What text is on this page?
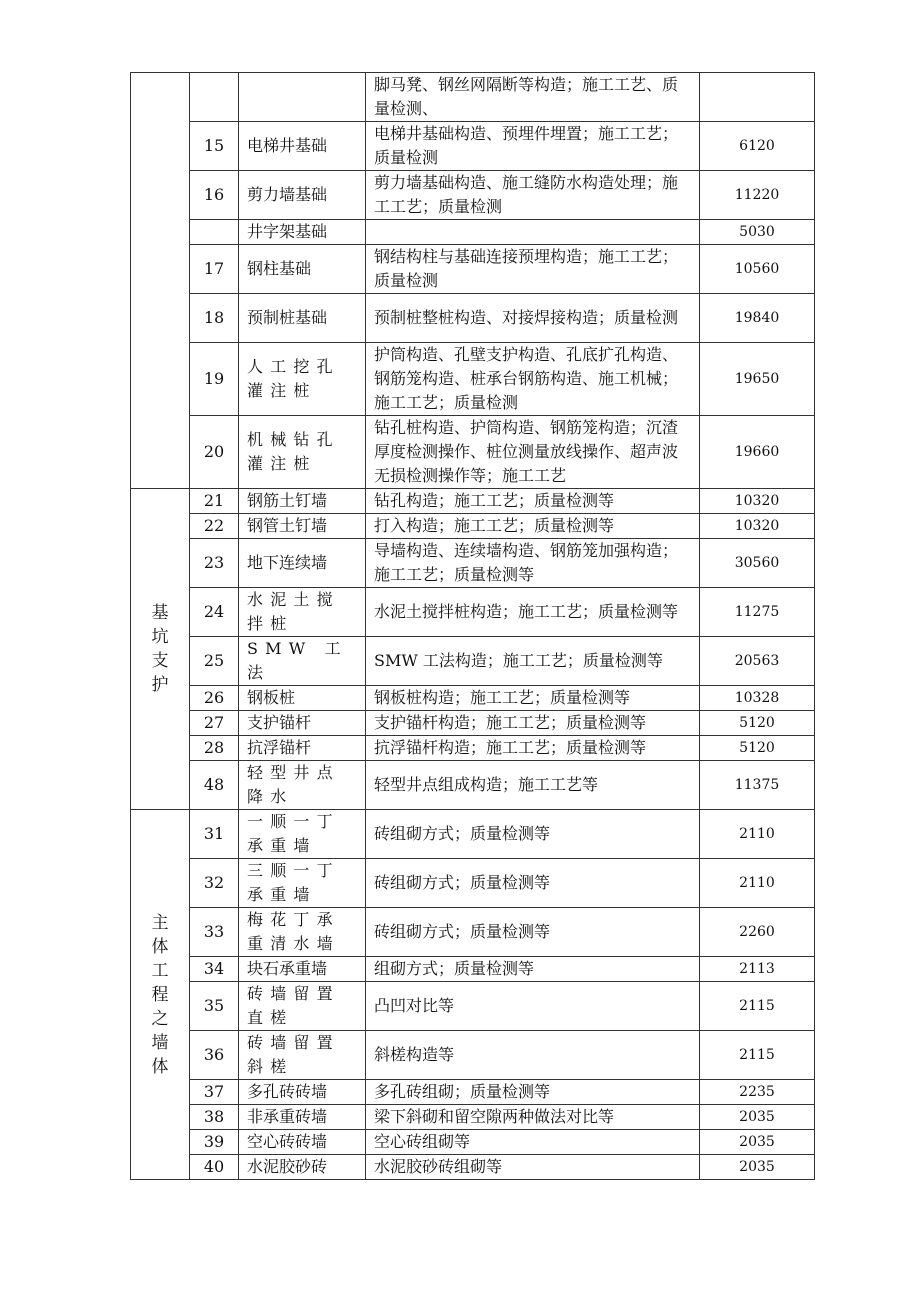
			脚马凳、钢丝网隔断等构造；施工工艺、质量检测、	
	15	电梯井基础	电梯井基础构造、预埋件埋置；施工工艺；质量检测	6120
	16	剪力墙基础	剪力墙基础构造、施工缝防水构造处理；施工工艺；质量检测	11220
		井字架基础		5030
	17	钢柱基础	钢结构柱与基础连接预埋构造；施工工艺；质量检测	10560
	18	预制桩基础	预制桩整桩构造、对接焊接构造；质量检测	19840
	19	人工挖孔灌注桩	护筒构造、孔壁支护构造、孔底扩孔构造、钢筋笼构造、桩承台钢筋构造、施工机械；施工工艺；质量检测	19650
	20	机械钻孔灌注桩	钻孔桩构造、护筒构造、钢筋笼构造；沉渣厚度检测操作、桩位测量放线操作、超声波无损检测操作等；施工工艺	19660
基坑支护	21	钢筋土钉墙	钻孔构造；施工工艺；质量检测等	10320
	22	钢管土钉墙	打入构造；施工工艺；质量检测等	10320
	23	地下连续墙	导墙构造、连续墙构造、钢筋笼加强构造；施工工艺；质量检测等	30560
	24	水泥土搅拌桩	水泥土搅拌桩构造；施工工艺；质量检测等	11275
	25	SMW 工法	SMW 工法构造；施工工艺；质量检测等	20563
	26	钢板桩	钢板桩构造；施工工艺；质量检测等	10328
	27	支护锚杆	支护锚杆构造；施工工艺；质量检测等	5120
	28	抗浮锚杆	抗浮锚杆构造；施工工艺；质量检测等	5120
	48	轻型井点降水	轻型井点组成构造；施工工艺等	11375
主体工程之墙体	31	一顺一丁承重墙	砖组砌方式；质量检测等	2110
	32	三顺一丁承重墙	砖组砌方式；质量检测等	2110
	33	梅花丁承重清水墙	砖组砌方式；质量检测等	2260
	34	块石承重墙	组砌方式；质量检测等	2113
	35	砖墙留置直槎	凸凹对比等	2115
	36	砖墙留置斜槎	斜槎构造等	2115
	37	多孔砖砖墙	多孔砖组砌；质量检测等	2235
	38	非承重砖墙	梁下斜砌和留空隙两种做法对比等	2035
	39	空心砖砖墙	空心砖组砌等	2035
	40	水泥胶砂砖	水泥胶砂砖组砌等	2035
